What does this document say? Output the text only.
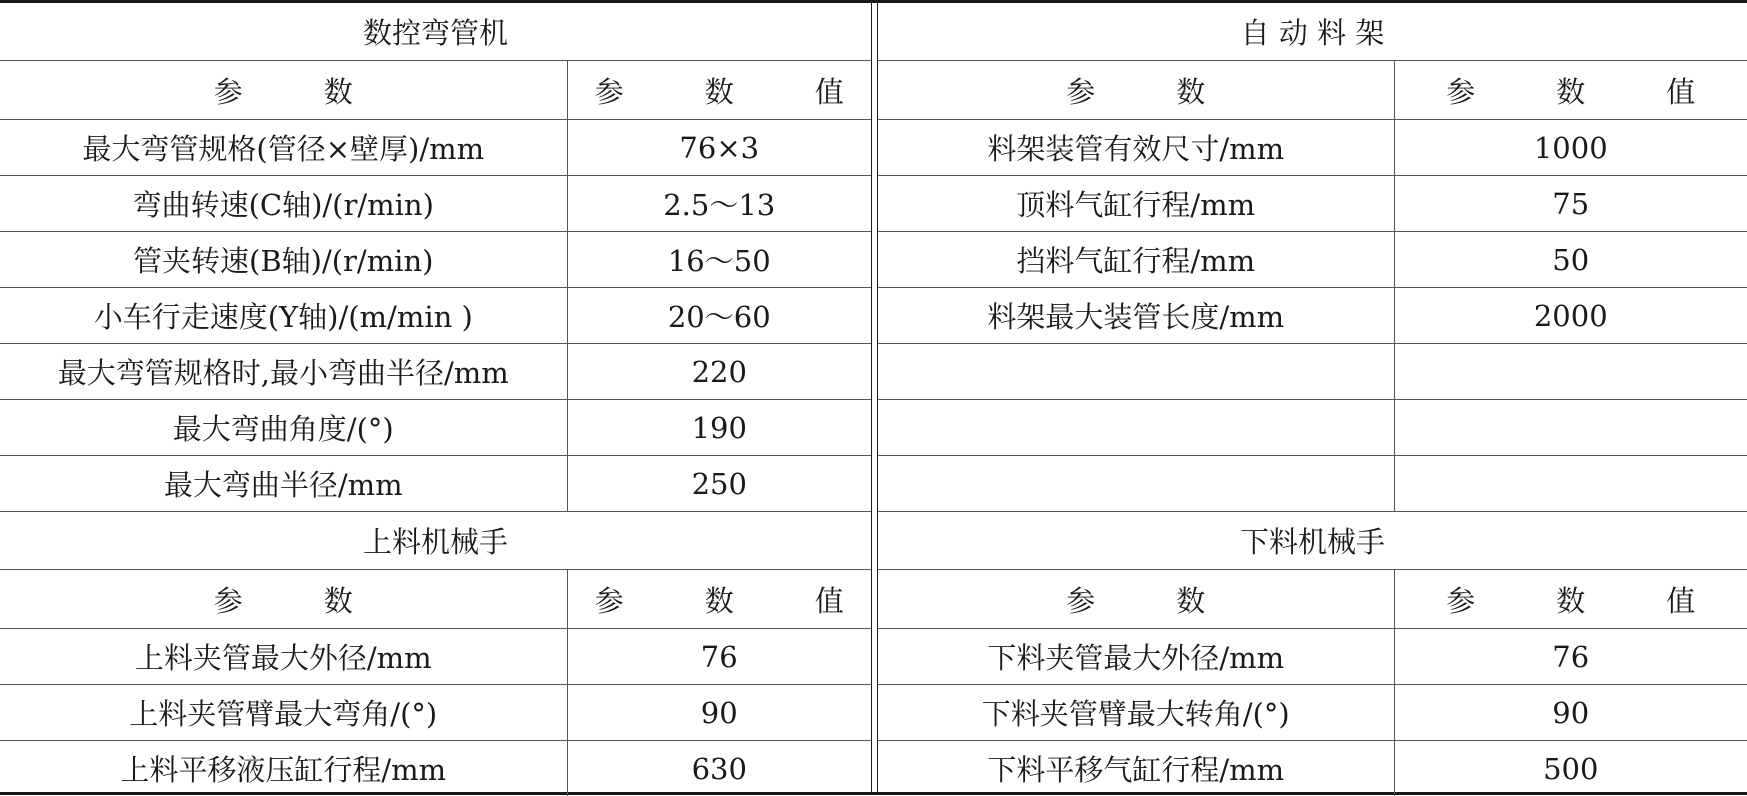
数控弯管机	
参　数	参　数　值
最大弯管规格(管径×壁厚)/mm	76×3
弯曲转速(C轴)/(r/min)	2.5～13
管夹转速(B轴)/(r/min)	16～50
小车行走速度(Y轴)/(m/min )	20～60
最大弯管规格时,最小弯曲半径/mm	220
最大弯曲角度/(°)	190
最大弯曲半径/mm	250
上料机械手	
参　数	参　数　值
上料夹管最大外径/mm	76
上料夹管臂最大弯角/(°)	90
上料平移液压缸行程/mm	630
自 动 料 架	
参　数	参　数　值
料架装管有效尺寸/mm	1000
顶料气缸行程/mm	75
挡料气缸行程/mm	50
料架最大装管长度/mm	2000

下料机械手	
参　数	参　数　值
下料夹管最大外径/mm	76
下料夹管臂最大转角/(°)	90
下料平移气缸行程/mm	500
